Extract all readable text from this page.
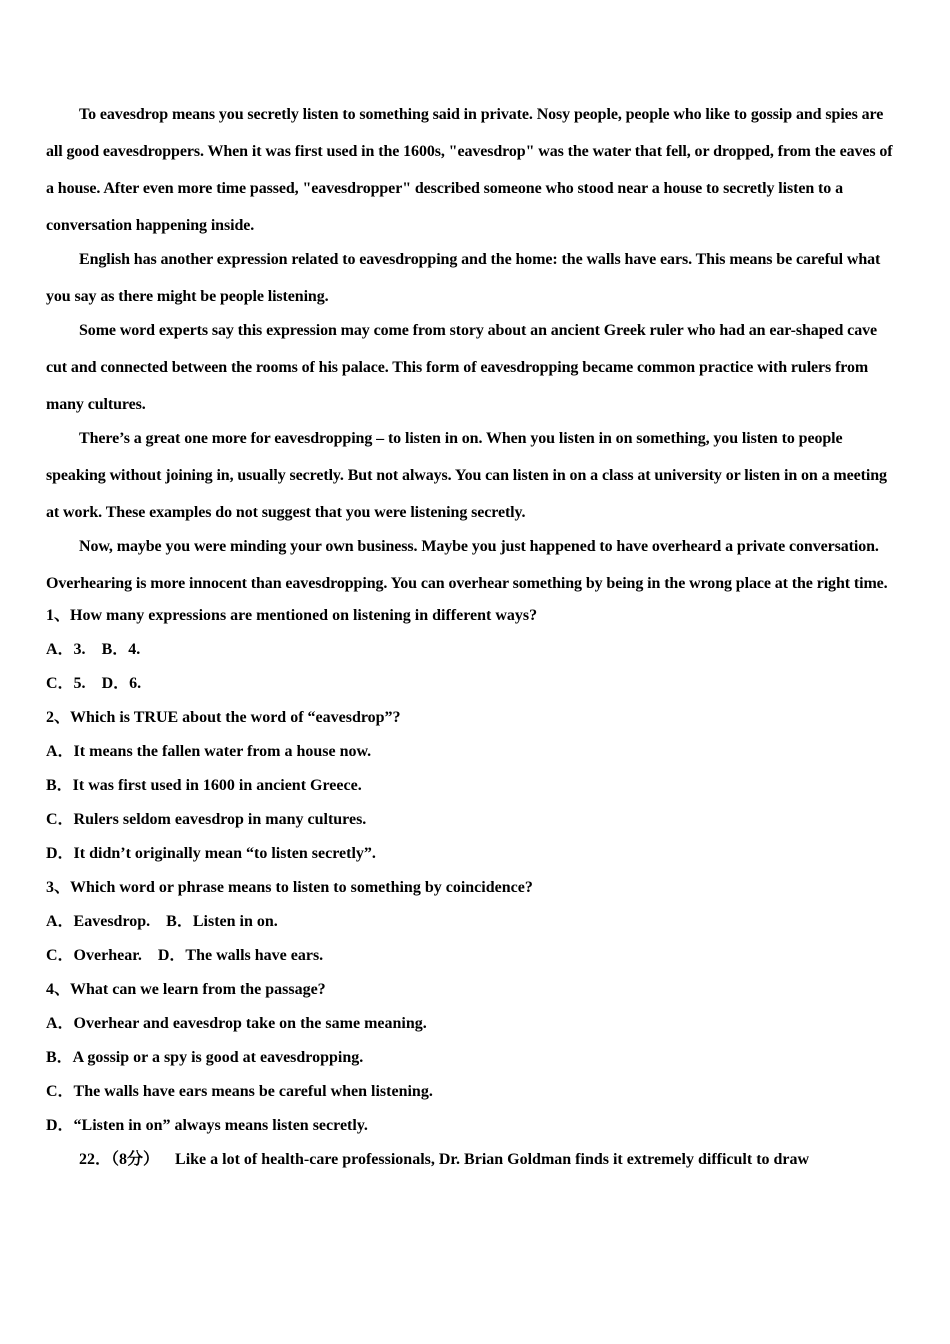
To eavesdrop means you secretly listen to something said in private. Nosy people, people who like to gossip and spies are all good eavesdroppers. When it was first used in the 1600s, "eavesdrop" was the water that fell, or dropped, from the eaves of a house. After even more time passed, "eavesdropper" described someone who stood near a house to secretly listen to a conversation happening inside.

English has another expression related to eavesdropping and the home: the walls have ears. This means be careful what you say as there might be people listening.

Some word experts say this expression may come from story about an ancient Greek ruler who had an ear-shaped cave cut and connected between the rooms of his palace. This form of eavesdropping became common practice with rulers from many cultures.

There’s a great one more for eavesdropping – to listen in on. When you listen in on something, you listen to people speaking without joining in, usually secretly. But not always. You can listen in on a class at university or listen in on a meeting at work. These examples do not suggest that you were listening secretly.

Now, maybe you were minding your own business. Maybe you just happened to have overheard a private conversation. Overhearing is more innocent than eavesdropping. You can overhear something by being in the wrong place at the right time.

1、How many expressions are mentioned on listening in different ways?

A．3. B．4.

C．5. D．6.

2、Which is TRUE about the word of “eavesdrop”?

A．It means the fallen water from a house now.

B．It was first used in 1600 in ancient Greece.

C．Rulers seldom eavesdrop in many cultures.

D．It didn’t originally mean “to listen secretly”.

3、Which word or phrase means to listen to something by coincidence?

A．Eavesdrop. B．Listen in on.

C．Overhear. D．The walls have ears.

4、What can we learn from the passage?

A．Overhear and eavesdrop take on the same meaning.

B．A gossip or a spy is good at eavesdropping.

C．The walls have ears means be careful when listening.

D．“Listen in on” always means listen secretly.

22．（8分） Like a lot of health-care professionals, Dr. Brian Goldman finds it extremely difficult to draw
